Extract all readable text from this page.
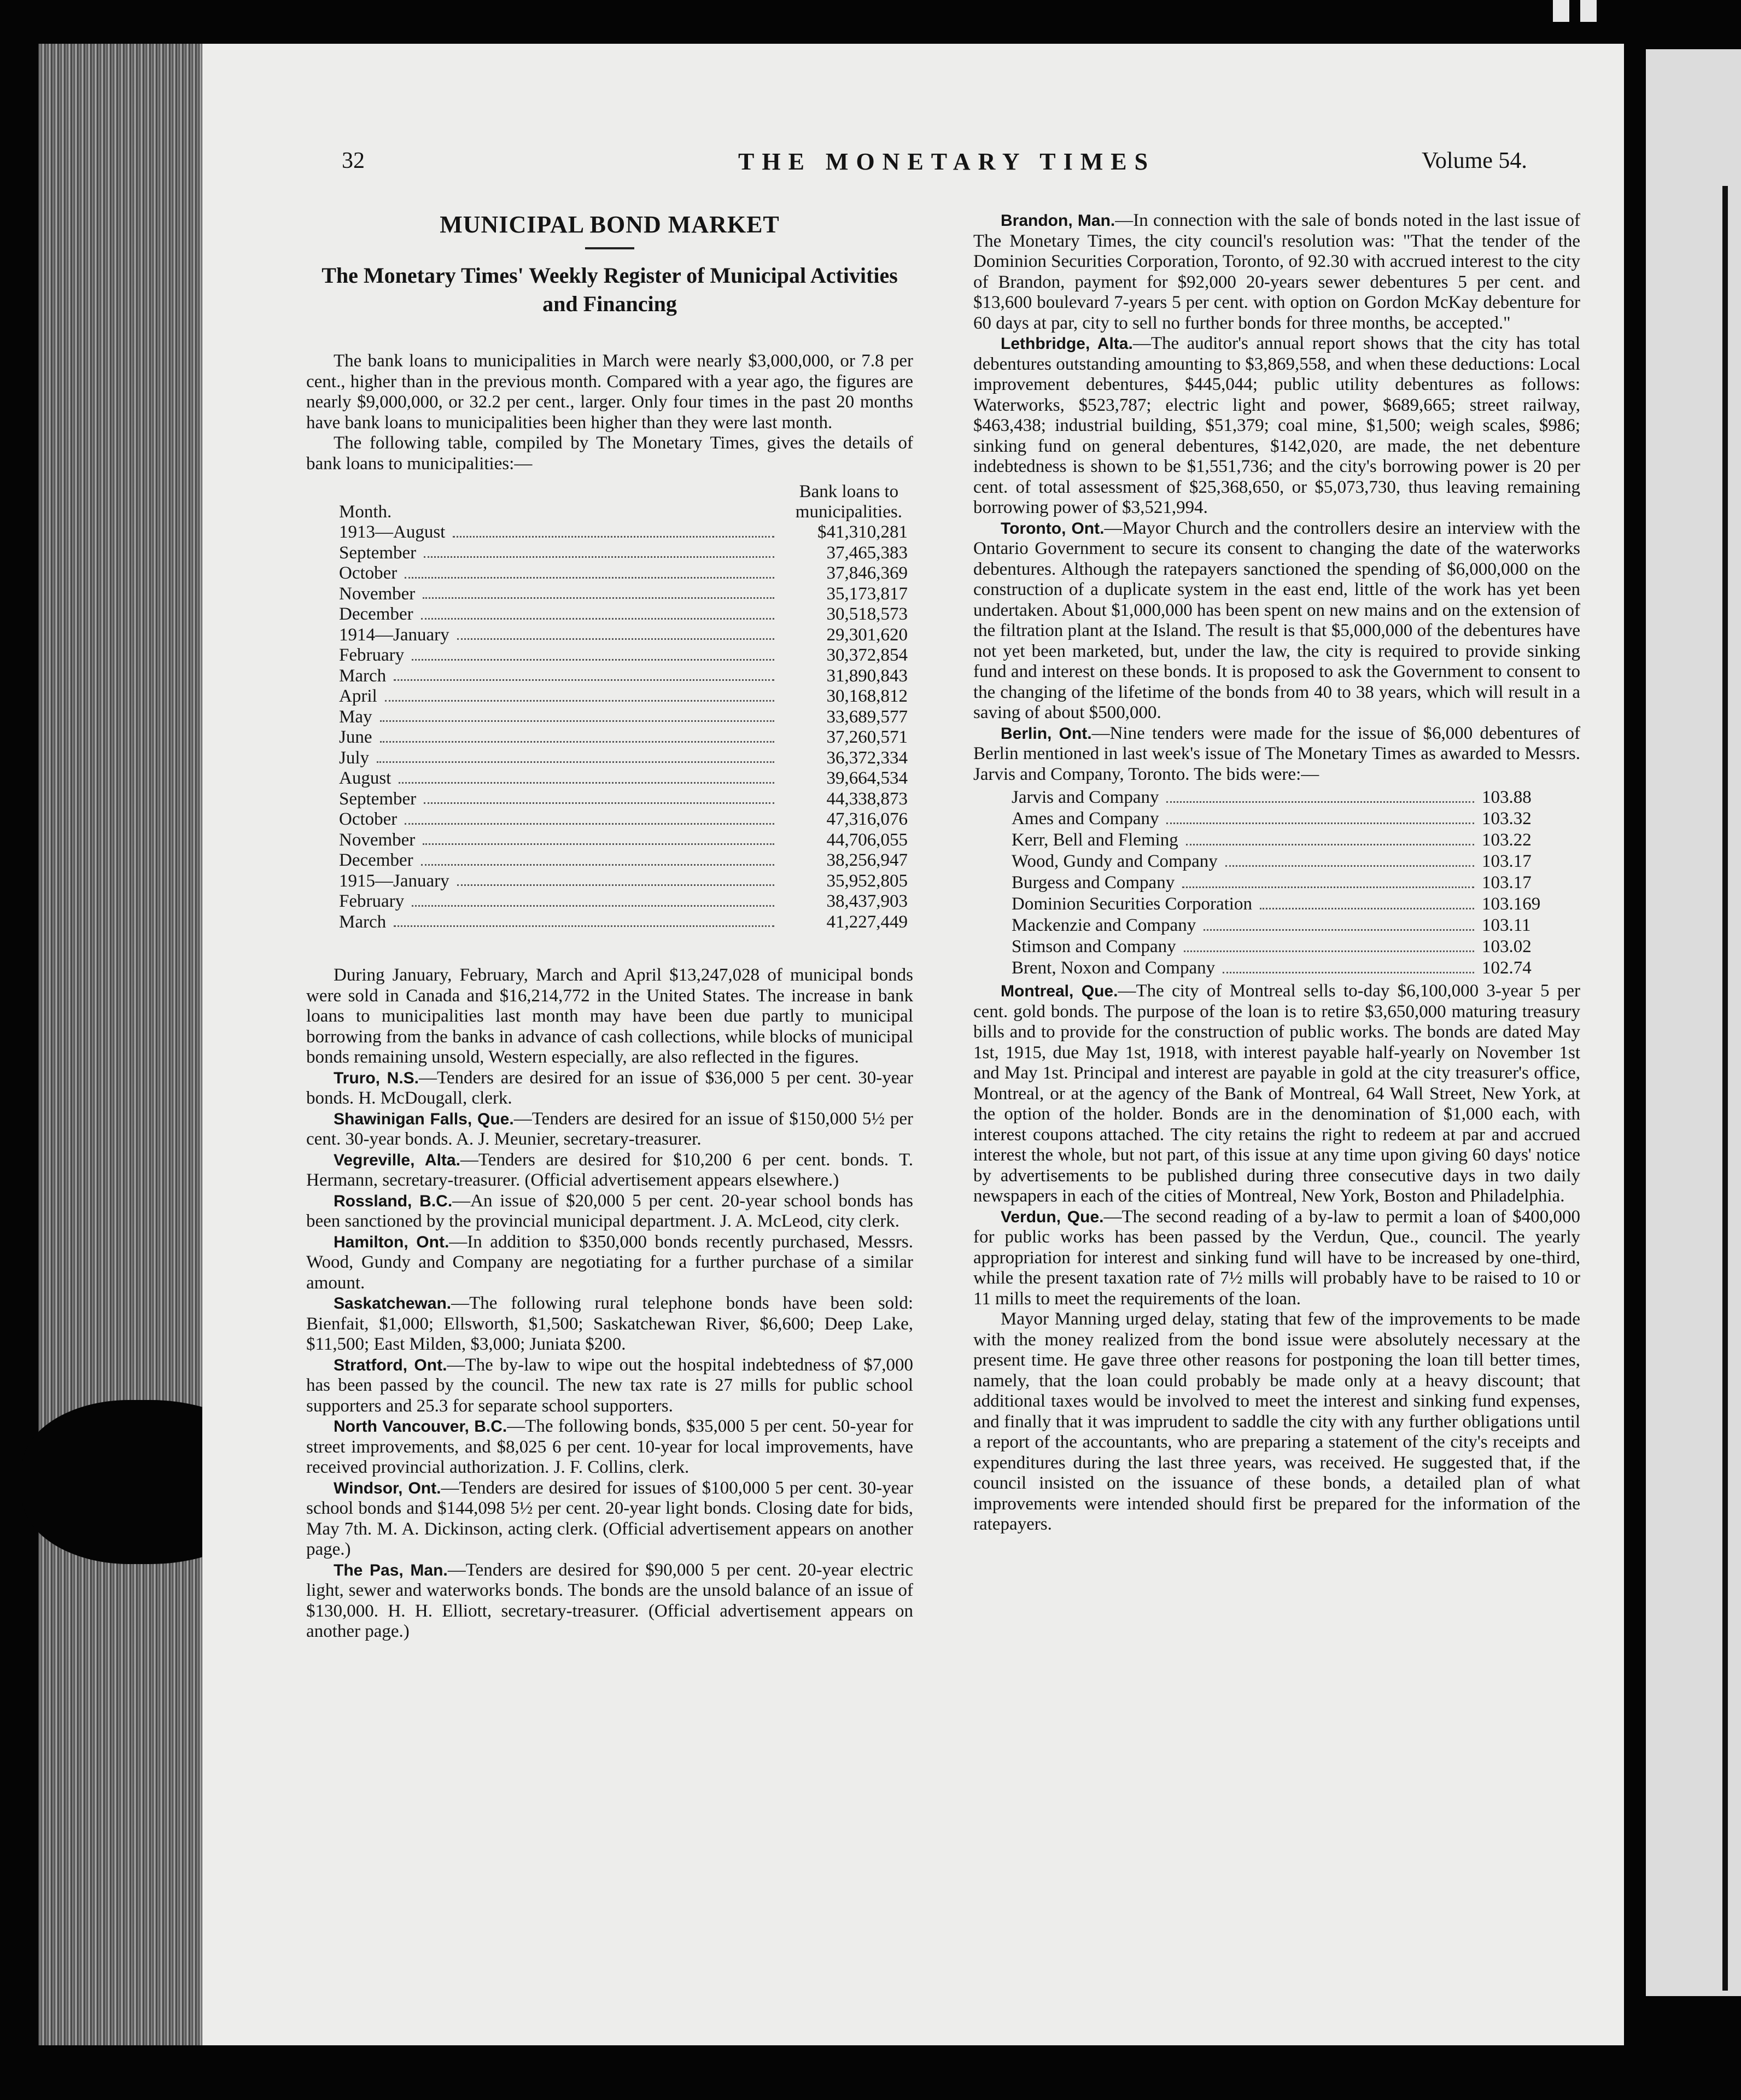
32	THE MONETARY TIMES	Volume 54.
MUNICIPAL BOND MARKET
The Monetary Times' Weekly Register of Municipal Activities and Financing

The bank loans to municipalities in March were nearly $3,000,000, or 7.8 per cent., higher than in the previous month. Compared with a year ago, the figures are nearly $9,000,000, or 32.2 per cent., larger. Only four times in the past 20 months have bank loans to municipalities been higher than they were last month.

The following table, compiled by The Monetary Times, gives the details of bank loans to municipalities:—

Month.
Bank loans to
municipalities.
1913—August	$41,310,281
September	37,465,383
October	37,846,369
November	35,173,817
December	30,518,573
1914—January	29,301,620
February	30,372,854
March	31,890,843
April	30,168,812
May	33,689,577
June	37,260,571
July	36,372,334
August	39,664,534
September	44,338,873
October	47,316,076
November	44,706,055
December	38,256,947
1915—January	35,952,805
February	38,437,903
March	41,227,449

During January, February, March and April $13,247,028 of municipal bonds were sold in Canada and $16,214,772 in the United States. The increase in bank loans to municipalities last month may have been due partly to municipal borrowing from the banks in advance of cash collections, while blocks of municipal bonds remaining unsold, Western especially, are also reflected in the figures.

Truro, N.S.—Tenders are desired for an issue of $36,000 5 per cent. 30-year bonds. H. McDougall, clerk.

Shawinigan Falls, Que.—Tenders are desired for an issue of $150,000 5½ per cent. 30-year bonds. A. J. Meunier, secretary-treasurer.

Vegreville, Alta.—Tenders are desired for $10,200 6 per cent. bonds. T. Hermann, secretary-treasurer. (Official advertisement appears elsewhere.)

Rossland, B.C.—An issue of $20,000 5 per cent. 20-year school bonds has been sanctioned by the provincial municipal department. J. A. McLeod, city clerk.

Hamilton, Ont.—In addition to $350,000 bonds recently purchased, Messrs. Wood, Gundy and Company are negotiating for a further purchase of a similar amount.

Saskatchewan.—The following rural telephone bonds have been sold: Bienfait, $1,000; Ellsworth, $1,500; Saskatchewan River, $6,600; Deep Lake, $11,500; East Milden, $3,000; Juniata $200.

Stratford, Ont.—The by-law to wipe out the hospital indebtedness of $7,000 has been passed by the council. The new tax rate is 27 mills for public school supporters and 25.3 for separate school supporters.

North Vancouver, B.C.—The following bonds, $35,000 5 per cent. 50-year for street improvements, and $8,025 6 per cent. 10-year for local improvements, have received provincial authorization. J. F. Collins, clerk.

Windsor, Ont.—Tenders are desired for issues of $100,000 5 per cent. 30-year school bonds and $144,098 5½ per cent. 20-year light bonds. Closing date for bids, May 7th. M. A. Dickinson, acting clerk. (Official advertisement appears on another page.)

The Pas, Man.—Tenders are desired for $90,000 5 per cent. 20-year electric light, sewer and waterworks bonds. The bonds are the unsold balance of an issue of $130,000. H. H. Elliott, secretary-treasurer. (Official advertisement appears on another page.)

Brandon, Man.—In connection with the sale of bonds noted in the last issue of The Monetary Times, the city council's resolution was: "That the tender of the Dominion Securities Corporation, Toronto, of 92.30 with accrued interest to the city of Brandon, payment for $92,000 20-years sewer debentures 5 per cent. and $13,600 boulevard 7-years 5 per cent. with option on Gordon McKay debenture for 60 days at par, city to sell no further bonds for three months, be accepted."

Lethbridge, Alta.—The auditor's annual report shows that the city has total debentures outstanding amounting to $3,869,558, and when these deductions: Local improvement debentures, $445,044; public utility debentures as follows: Waterworks, $523,787; electric light and power, $689,665; street railway, $463,438; industrial building, $51,379; coal mine, $1,500; weigh scales, $986; sinking fund on general debentures, $142,020, are made, the net debenture indebtedness is shown to be $1,551,736; and the city's borrowing power is 20 per cent. of total assessment of $25,368,650, or $5,073,730, thus leaving remaining borrowing power of $3,521,994.

Toronto, Ont.—Mayor Church and the controllers desire an interview with the Ontario Government to secure its consent to changing the date of the waterworks debentures. Although the ratepayers sanctioned the spending of $6,000,000 on the construction of a duplicate system in the east end, little of the work has yet been undertaken. About $1,000,000 has been spent on new mains and on the extension of the filtration plant at the Island. The result is that $5,000,000 of the debentures have not yet been marketed, but, under the law, the city is required to provide sinking fund and interest on these bonds. It is proposed to ask the Government to consent to the changing of the lifetime of the bonds from 40 to 38 years, which will result in a saving of about $500,000.

Berlin, Ont.—Nine tenders were made for the issue of $6,000 debentures of Berlin mentioned in last week's issue of The Monetary Times as awarded to Messrs. Jarvis and Company, Toronto. The bids were:—

Jarvis and Company	103.88
Ames and Company	103.32
Kerr, Bell and Fleming	103.22
Wood, Gundy and Company	103.17
Burgess and Company	103.17
Dominion Securities Corporation	103.169
Mackenzie and Company	103.11
Stimson and Company	103.02
Brent, Noxon and Company	102.74

Montreal, Que.—The city of Montreal sells to-day $6,100,000 3-year 5 per cent. gold bonds. The purpose of the loan is to retire $3,650,000 maturing treasury bills and to provide for the construction of public works. The bonds are dated May 1st, 1915, due May 1st, 1918, with interest payable half-yearly on November 1st and May 1st. Principal and interest are payable in gold at the city treasurer's office, Montreal, or at the agency of the Bank of Montreal, 64 Wall Street, New York, at the option of the holder. Bonds are in the denomination of $1,000 each, with interest coupons attached. The city retains the right to redeem at par and accrued interest the whole, but not part, of this issue at any time upon giving 60 days' notice by advertisements to be published during three consecutive days in two daily newspapers in each of the cities of Montreal, New York, Boston and Philadelphia.

Verdun, Que.—The second reading of a by-law to permit a loan of $400,000 for public works has been passed by the Verdun, Que., council. The yearly appropriation for interest and sinking fund will have to be increased by one-third, while the present taxation rate of 7½ mills will probably have to be raised to 10 or 11 mills to meet the requirements of the loan.

Mayor Manning urged delay, stating that few of the improvements to be made with the money realized from the bond issue were absolutely necessary at the present time. He gave three other reasons for postponing the loan till better times, namely, that the loan could probably be made only at a heavy discount; that additional taxes would be involved to meet the interest and sinking fund expenses, and finally that it was imprudent to saddle the city with any further obligations until a report of the accountants, who are preparing a statement of the city's receipts and expenditures during the last three years, was received. He suggested that, if the council insisted on the issuance of these bonds, a detailed plan of what improvements were intended should first be prepared for the information of the ratepayers.
